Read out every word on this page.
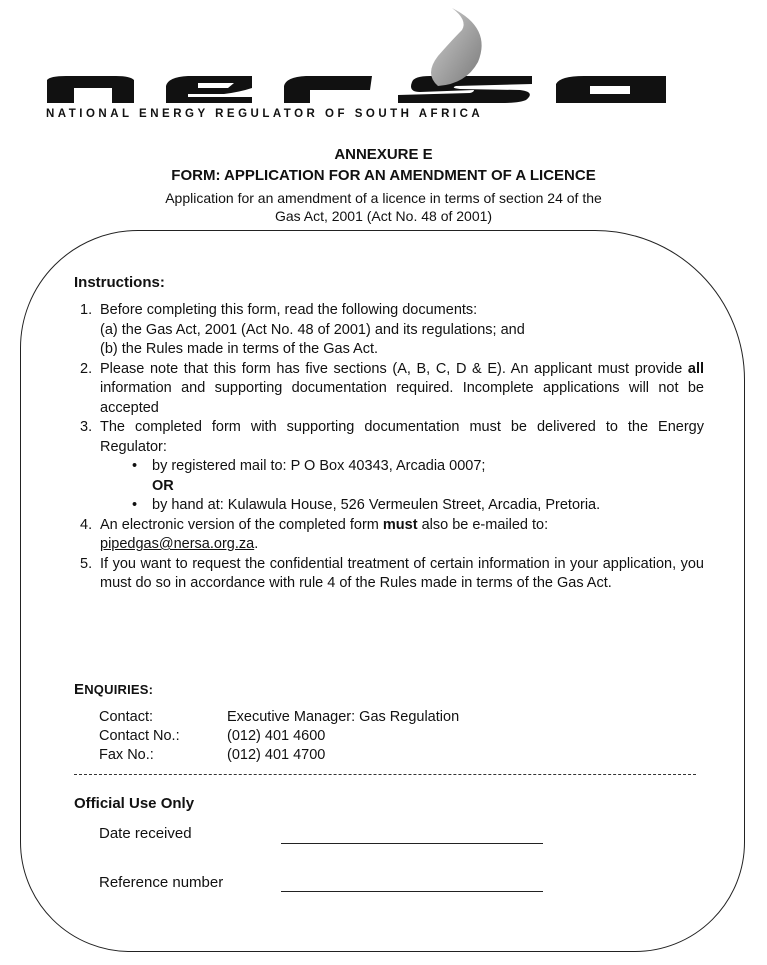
NATIONAL ENERGY REGULATOR OF SOUTH AFRICA
ANNEXURE E
FORM: APPLICATION FOR AN AMENDMENT OF A LICENCE
Application for an amendment of a licence in terms of section 24 of the
Gas Act, 2001 (Act No. 48 of 2001)
Instructions:
1. Before completing this form, read the following documents:

(a) the Gas Act, 2001 (Act No. 48 of 2001) and its regulations; and

(b) the Rules made in terms of the Gas Act.

2. Please note that this form has five sections (A, B, C, D & E). An applicant must provide all information and supporting documentation required. Incomplete applications will not be accepted
3. The completed form with supporting documentation must be delivered to the Energy Regulator:

•	by registered mail to: P O Box 40343, Arcadia 0007;
OR
•	by hand at: Kulawula House, 526 Vermeulen Street, Arcadia, Pretoria.
4. An electronic version of the completed form must also be e-mailed to:

pipedgas@nersa.org.za.

5. If you want to request the confidential treatment of certain information in your application, you must do so in accordance with rule 4 of the Rules made in terms of the Gas Act.
ENQUIRIES:
Contact:	Executive Manager: Gas Regulation
Contact No.:	(012) 401 4600
Fax No.:	(012) 401 4700
Official Use Only
Date received
Reference number
